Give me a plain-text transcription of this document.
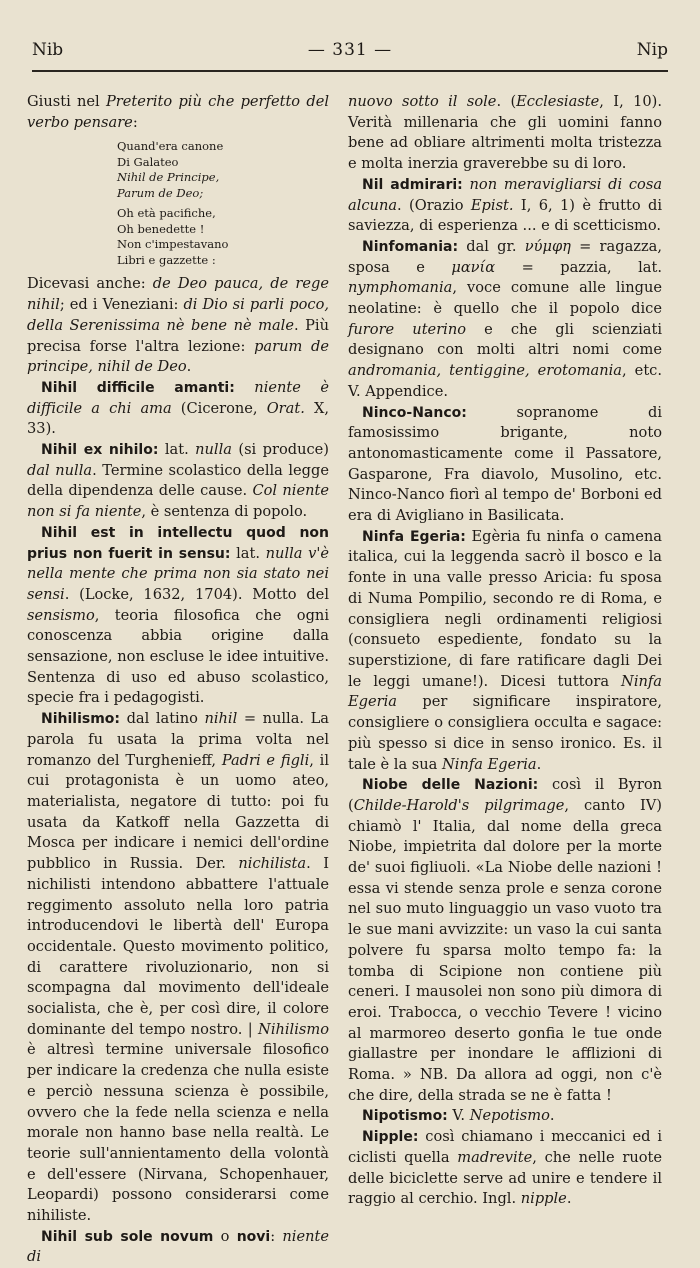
Nib	— 331 —	Nip

Giusti nel Preterito più che perfetto del verbo pensare:

Quand'era canone
Di Galateo
Nihil de Principe,
Parum de Deo;
Oh età pacifiche,
Oh benedette !
Non c'impestavano
Libri e gazzette :

Dicevasi anche: de Deo pauca, de rege nihil; ed i Veneziani: di Dio si parli poco, della Serenissima nè bene nè male. Più precisa forse l'altra lezione: parum de principe, nihil de Deo.

Nihil difficile amanti: niente è difficile a chi ama (Cicerone, Orat. X, 33).

Nihil ex nihilo: lat. nulla (si produce) dal nulla. Termine scolastico della legge della dipendenza delle cause. Col niente non si fa niente, è sentenza di popolo.

Nihil est in intellectu quod non prius non fuerit in sensu: lat. nulla v'è nella mente che prima non sia stato nei sensi. (Locke, 1632, 1704). Motto del sensismo, teoria filosofica che ogni conoscenza abbia origine dalla sensazione, non escluse le idee intuitive. Sentenza di uso ed abuso scolastico, specie fra i pedagogisti.

Nihilismo: dal latino nihil = nulla. La parola fu usata la prima volta nel romanzo del Turghenieff, Padri e figli, il cui protagonista è un uomo ateo, materialista, negatore di tutto: poi fu usata da Katkoff nella Gazzetta di Mosca per indicare i nemici dell'ordine pubblico in Russia. Der. nichilista. I nichilisti intendono abbattere l'attuale reggimento assoluto nella loro patria introducendovi le libertà dell' Europa occidentale. Questo movimento politico, di carattere rivoluzionario, non si scompagna dal movimento dell'ideale socialista, che è, per così dire, il colore dominante del tempo nostro. | Nihilismo è altresì termine universale filosofico per indicare la credenza che nulla esiste e perciò nessuna scienza è possibile, ovvero che la fede nella scienza e nella morale non hanno base nella realtà. Le teorie sull'annientamento della volontà e dell'essere (Nirvana, Schopenhauer, Leopardi) possono considerarsi come nihiliste.

Nihil sub sole novum o novi: niente di

nuovo sotto il sole. (Ecclesiaste, I, 10). Verità millenaria che gli uomini fanno bene ad obliare altrimenti molta tristezza e molta inerzia graverebbe su di loro.

Nil admirari: non meravigliarsi di cosa alcuna. (Orazio Epist. I, 6, 1) è frutto di saviezza, di esperienza ... e di scetticismo.

Ninfomania: dal gr. νύμφη = ragazza, sposa e μανία = pazzia, lat. nymphomania, voce comune alle lingue neolatine: è quello che il popolo dice furore uterino e che gli scienziati designano con molti altri nomi come andromania, tentiggine, erotomania, etc. V. Appendice.

Ninco-Nanco: sopranome di famosissimo brigante, noto antonomasticamente come il Passatore, Gasparone, Fra diavolo, Musolino, etc. Ninco-Nanco fiorì al tempo de' Borboni ed era di Avigliano in Basilicata.

Ninfa Egeria: Egèria fu ninfa o camena italica, cui la leggenda sacrò il bosco e la fonte in una valle presso Aricia: fu sposa di Numa Pompilio, secondo re di Roma, e consigliera negli ordinamenti religiosi (consueto espediente, fondato su la superstizione, di fare ratificare dagli Dei le leggi umane!). Dicesi tuttora Ninfa Egeria per significare inspiratore, consigliere o consigliera occulta e sagace: più spesso si dice in senso ironico. Es. il tale è la sua Ninfa Egeria.

Niobe delle Nazioni: così il Byron (Childe-Harold's pilgrimage, canto IV) chiamò l' Italia, dal nome della greca Niobe, impietrita dal dolore per la morte de' suoi figliuoli. «La Niobe delle nazioni ! essa vi stende senza prole e senza corone nel suo muto linguaggio un vaso vuoto tra le sue mani avvizzite: un vaso la cui santa polvere fu sparsa molto tempo fa: la tomba di Scipione non contiene più ceneri. I mausolei non sono più dimora di eroi. Trabocca, o vecchio Tevere ! vicino al marmoreo deserto gonfia le tue onde giallastre per inondare le afflizioni di Roma. » NB. Da allora ad oggi, non c'è che dire, della strada se ne è fatta !

Nipotismo: V. Nepotismo.

Nipple: così chiamano i meccanici ed i ciclisti quella madrevite, che nelle ruote delle biciclette serve ad unire e tendere il raggio al cerchio. Ingl. nipple.
